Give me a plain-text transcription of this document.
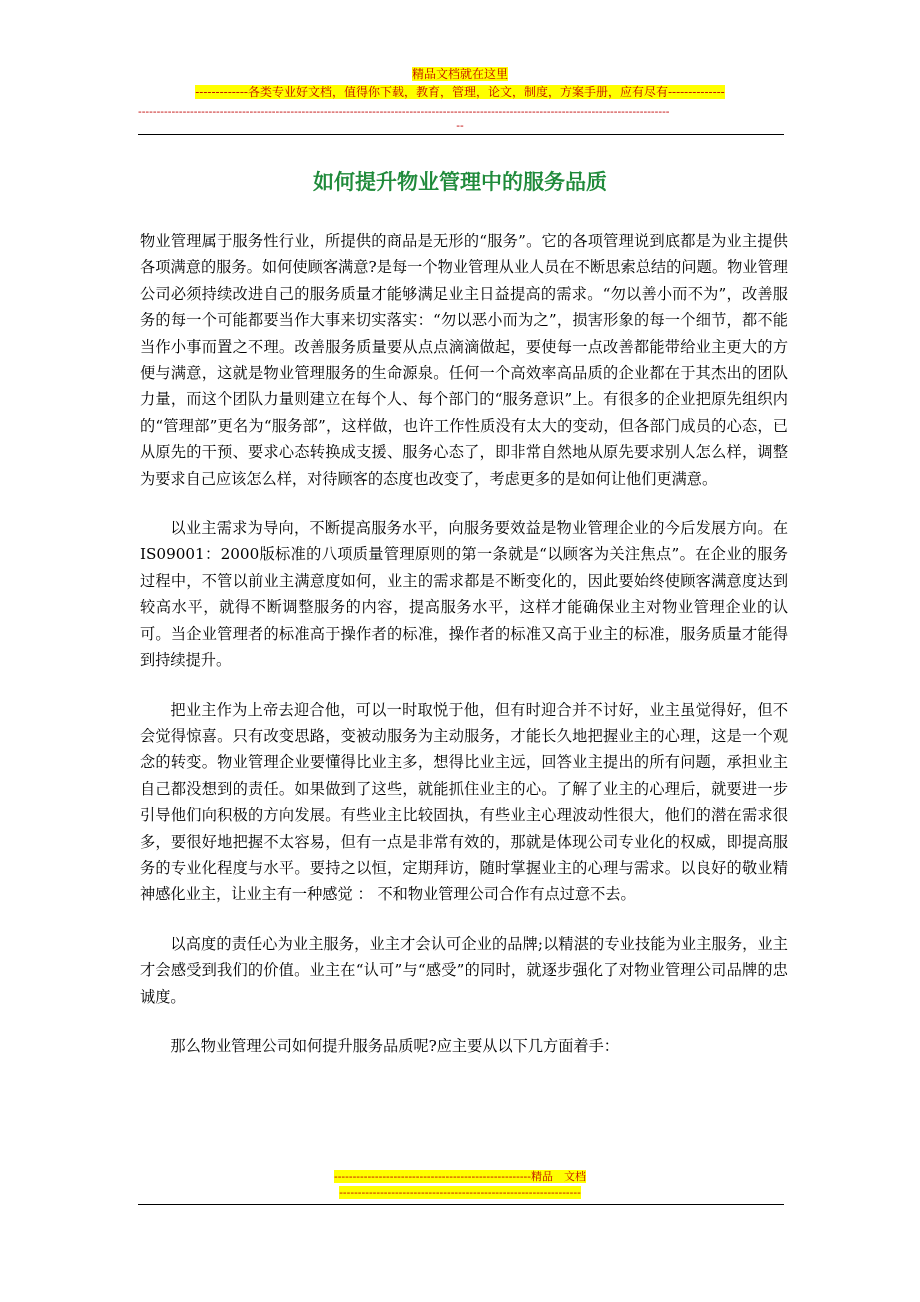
精品文档就在这里
-------------各类专业好文档，值得你下载，教育，管理，论文，制度，方案手册，应有尽有--------------
-----------------------------------------------------------------------------------------------------------------------------------------------
--
如何提升物业管理中的服务品质

物业管理属于服务性行业，所提供的商品是无形的“服务”。它的各项管理说到底都是为业主提供各项满意的服务。如何使顾客满意?是每一个物业管理从业人员在不断思索总结的问题。物业管理公司必须持续改进自己的服务质量才能够满足业主日益提高的需求。“勿以善小而不为”，改善服务的每一个可能都要当作大事来切实落实：“勿以恶小而为之”，损害形象的每一个细节，都不能当作小事而置之不理。改善服务质量要从点点滴滴做起，要使每一点改善都能带给业主更大的方便与满意，这就是物业管理服务的生命源泉。任何一个高效率高品质的企业都在于其杰出的团队力量，而这个团队力量则建立在每个人、每个部门的“服务意识”上。有很多的企业把原先组织内的“管理部”更名为“服务部”，这样做，也许工作性质没有太大的变动，但各部门成员的心态，已从原先的干预、要求心态转换成支援、服务心态了，即非常自然地从原先要求别人怎么样，调整为要求自己应该怎么样，对待顾客的态度也改变了，考虑更多的是如何让他们更满意。

以业主需求为导向，不断提高服务水平，向服务要效益是物业管理企业的今后发展方向。在IS09001：2000版标准的八项质量管理原则的第一条就是“以顾客为关注焦点”。在企业的服务过程中，不管以前业主满意度如何，业主的需求都是不断变化的，因此要始终使顾客满意度达到较高水平，就得不断调整服务的内容，提高服务水平，这样才能确保业主对物业管理企业的认可。当企业管理者的标准高于操作者的标准，操作者的标准又高于业主的标准，服务质量才能得到持续提升。

把业主作为上帝去迎合他，可以一时取悦于他，但有时迎合并不讨好，业主虽觉得好，但不会觉得惊喜。只有改变思路，变被动服务为主动服务，才能长久地把握业主的心理，这是一个观念的转变。物业管理企业要懂得比业主多，想得比业主远，回答业主提出的所有问题，承担业主自己都没想到的责任。如果做到了这些，就能抓住业主的心。了解了业主的心理后，就要进一步引导他们向积极的方向发展。有些业主比较固执，有些业主心理波动性很大，他们的潜在需求很多，要很好地把握不太容易，但有一点是非常有效的，那就是体现公司专业化的权威，即提高服务的专业化程度与水平。要持之以恒，定期拜访，随时掌握业主的心理与需求。以良好的敬业精神感化业主，让业主有一种感觉 ： 不和物业管理公司合作有点过意不去。

以高度的责任心为业主服务，业主才会认可企业的品牌;以精湛的专业技能为业主服务，业主才会感受到我们的价值。业主在“认可”与“感受”的同时，就逐步强化了对物业管理公司品牌的忠诚度。

那么物业管理公司如何提升服务品质呢?应主要从以下几方面着手：

-----------------------------------------------------精品　文档
-----------------------------------------------------------------
